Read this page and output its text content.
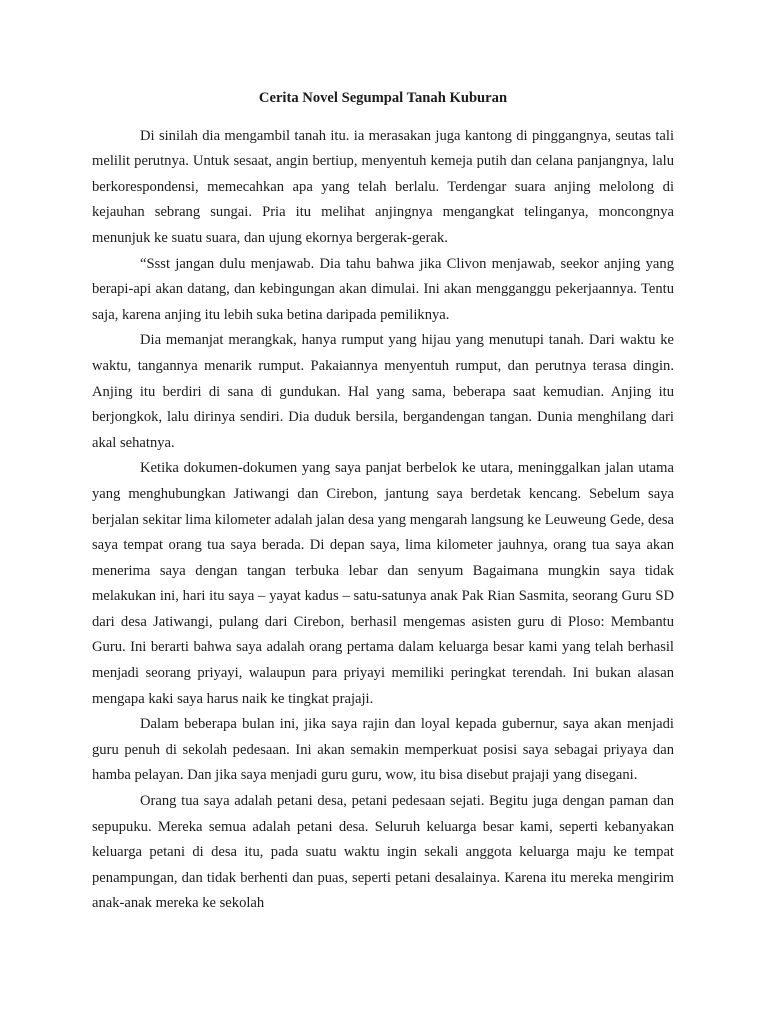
Cerita Novel Segumpal Tanah Kuburan

Di sinilah dia mengambil tanah itu. ia merasakan juga kantong di pinggangnya, seutas tali melilit perutnya. Untuk sesaat, angin bertiup, menyentuh kemeja putih dan celana panjangnya, lalu berkorespondensi, memecahkan apa yang telah berlalu. Terdengar suara anjing melolong di kejauhan sebrang sungai. Pria itu melihat anjingnya mengangkat telinganya, moncongnya menunjuk ke suatu suara, dan ujung ekornya bergerak-gerak.

“Ssst jangan dulu menjawab. Dia tahu bahwa jika Clivon menjawab, seekor anjing yang berapi-api akan datang, dan kebingungan akan dimulai. Ini akan mengganggu pekerjaannya. Tentu saja, karena anjing itu lebih suka betina daripada pemiliknya.

Dia memanjat merangkak, hanya rumput yang hijau yang menutupi tanah. Dari waktu ke waktu, tangannya menarik rumput. Pakaiannya menyentuh rumput, dan perutnya terasa dingin. Anjing itu berdiri di sana di gundukan. Hal yang sama, beberapa saat kemudian. Anjing itu berjongkok, lalu dirinya sendiri. Dia duduk bersila, bergandengan tangan. Dunia menghilang dari akal sehatnya.

Ketika dokumen-dokumen yang saya panjat berbelok ke utara, meninggalkan jalan utama yang menghubungkan Jatiwangi dan Cirebon, jantung saya berdetak kencang. Sebelum saya berjalan sekitar lima kilometer adalah jalan desa yang mengarah langsung ke Leuweung Gede, desa saya tempat orang tua saya berada. Di depan saya, lima kilometer jauhnya, orang tua saya akan menerima saya dengan tangan terbuka lebar dan senyum Bagaimana mungkin saya tidak melakukan ini, hari itu saya – yayat kadus – satu-satunya anak Pak Rian Sasmita, seorang Guru SD dari desa Jatiwangi, pulang dari Cirebon, berhasil mengemas asisten guru di Ploso: Membantu Guru. Ini berarti bahwa saya adalah orang pertama dalam keluarga besar kami yang telah berhasil menjadi seorang priyayi, walaupun para priyayi memiliki peringkat terendah. Ini bukan alasan mengapa kaki saya harus naik ke tingkat prajaji.

Dalam beberapa bulan ini, jika saya rajin dan loyal kepada gubernur, saya akan menjadi guru penuh di sekolah pedesaan. Ini akan semakin memperkuat posisi saya sebagai priyaya dan hamba pelayan. Dan jika saya menjadi guru guru, wow, itu bisa disebut prajaji yang disegani.

Orang tua saya adalah petani desa, petani pedesaan sejati. Begitu juga dengan paman dan sepupuku. Mereka semua adalah petani desa. Seluruh keluarga besar kami, seperti kebanyakan keluarga petani di desa itu, pada suatu waktu ingin sekali anggota keluarga maju ke tempat penampungan, dan tidak berhenti dan puas, seperti petani desalainya. Karena itu mereka mengirim anak-anak mereka ke sekolah
